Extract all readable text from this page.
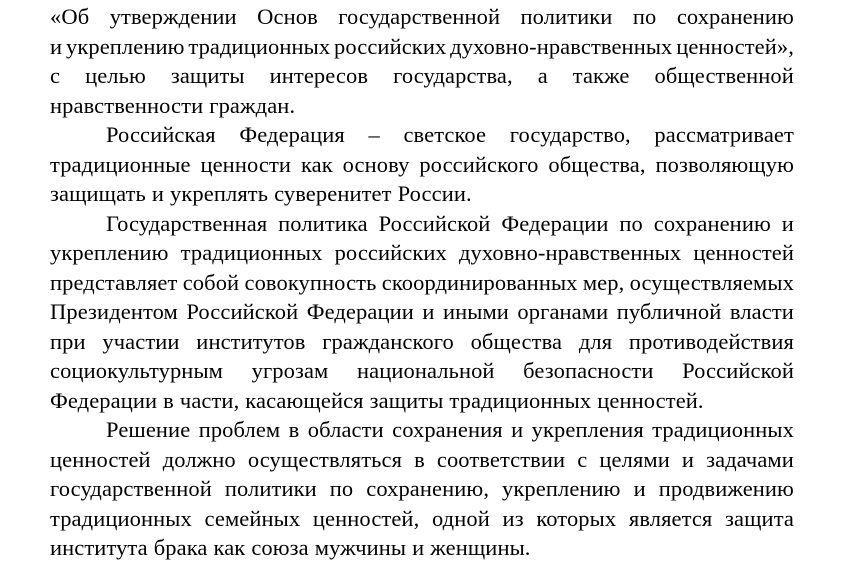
«Об утверждении Основ государственной политики по сохранению
и укреплению традиционных российских духовно-нравственных ценностей»,
с целью защиты интересов государства, а также общественной
нравственности граждан.
Российская Федерация – светское государство, рассматривает
традиционные ценности как основу российского общества, позволяющую
защищать и укреплять суверенитет России.
Государственная политика Российской Федерации по сохранению и
укреплению традиционных российских духовно-нравственных ценностей
представляет собой совокупность скоординированных мер, осуществляемых
Президентом Российской Федерации и иными органами публичной власти
при участии институтов гражданского общества для противодействия
социокультурным угрозам национальной безопасности Российской
Федерации в части, касающейся защиты традиционных ценностей.
Решение проблем в области сохранения и укрепления традиционных
ценностей должно осуществляться в соответствии с целями и задачами
государственной политики по сохранению, укреплению и продвижению
традиционных семейных ценностей, одной из которых является защита
института брака как союза мужчины и женщины.
